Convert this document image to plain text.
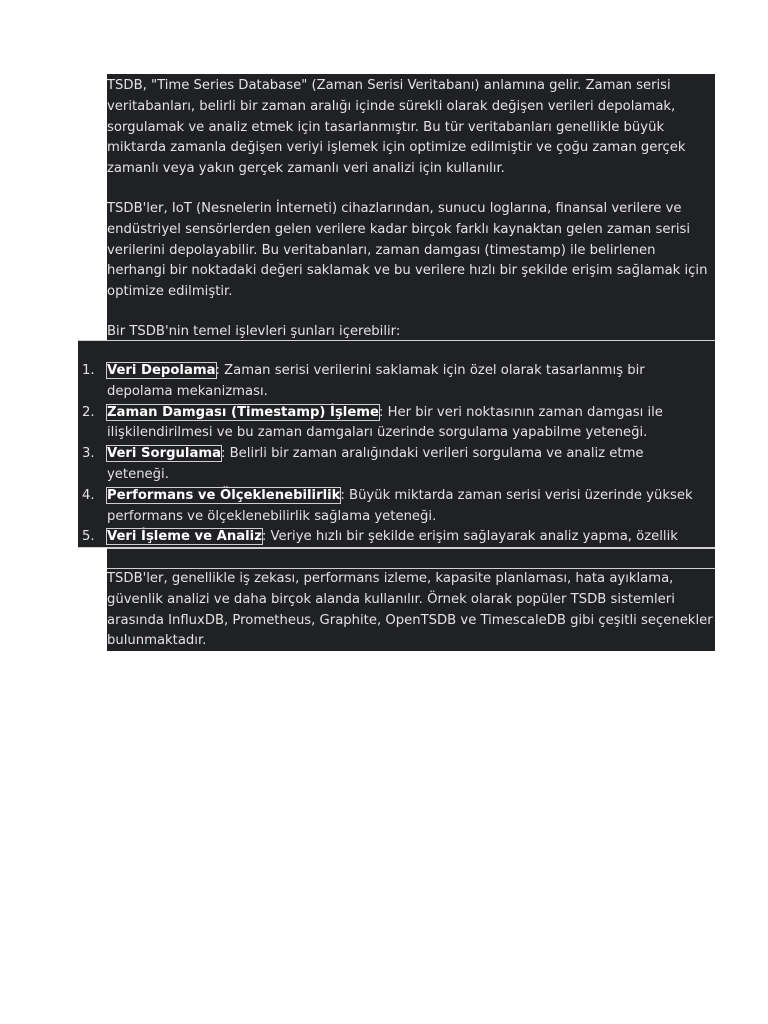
TSDB, "Time Series Database" (Zaman Serisi Veritabanı) anlamına gelir. Zaman serisi veritabanları, belirli bir zaman aralığı içinde sürekli olarak değişen verileri depolamak, sorgulamak ve analiz etmek için tasarlanmıştır. Bu tür veritabanları genellikle büyük miktarda zamanla değişen veriyi işlemek için optimize edilmiştir ve çoğu zaman gerçek zamanlı veya yakın gerçek zamanlı veri analizi için kullanılır.

TSDB'ler, IoT (Nesnelerin İnterneti) cihazlarından, sunucu loglarına, finansal verilere ve endüstriyel sensörlerden gelen verilere kadar birçok farklı kaynaktan gelen zaman serisi verilerini depolayabilir. Bu veritabanları, zaman damgası (timestamp) ile belirlenen herhangi bir noktadaki değeri saklamak ve bu verilere hızlı bir şekilde erişim sağlamak için optimize edilmiştir.

Bir TSDB'nin temel işlevleri şunları içerebilir:

1. Veri Depolama: Zaman serisi verilerini saklamak için özel olarak tasarlanmış bir depolama mekanizması.
2. Zaman Damgası (Timestamp) İşleme: Her bir veri noktasının zaman damgası ile ilişkilendirilmesi ve bu zaman damgaları üzerinde sorgulama yapabilme yeteneği.
3. Veri Sorgulama: Belirli bir zaman aralığındaki verileri sorgulama ve analiz etme yeteneği.
4. Performans ve Ölçeklenebilirlik: Büyük miktarda zaman serisi verisi üzerinde yüksek performans ve ölçeklenebilirlik sağlama yeteneği.
5. Veri İşleme ve Analiz: Veriye hızlı bir şekilde erişim sağlayarak analiz yapma, özellik

TSDB'ler, genellikle iş zekası, performans izleme, kapasite planlaması, hata ayıklama, güvenlik analizi ve daha birçok alanda kullanılır. Örnek olarak popüler TSDB sistemleri arasında InfluxDB, Prometheus, Graphite, OpenTSDB ve TimescaleDB gibi çeşitli seçenekler bulunmaktadır.
